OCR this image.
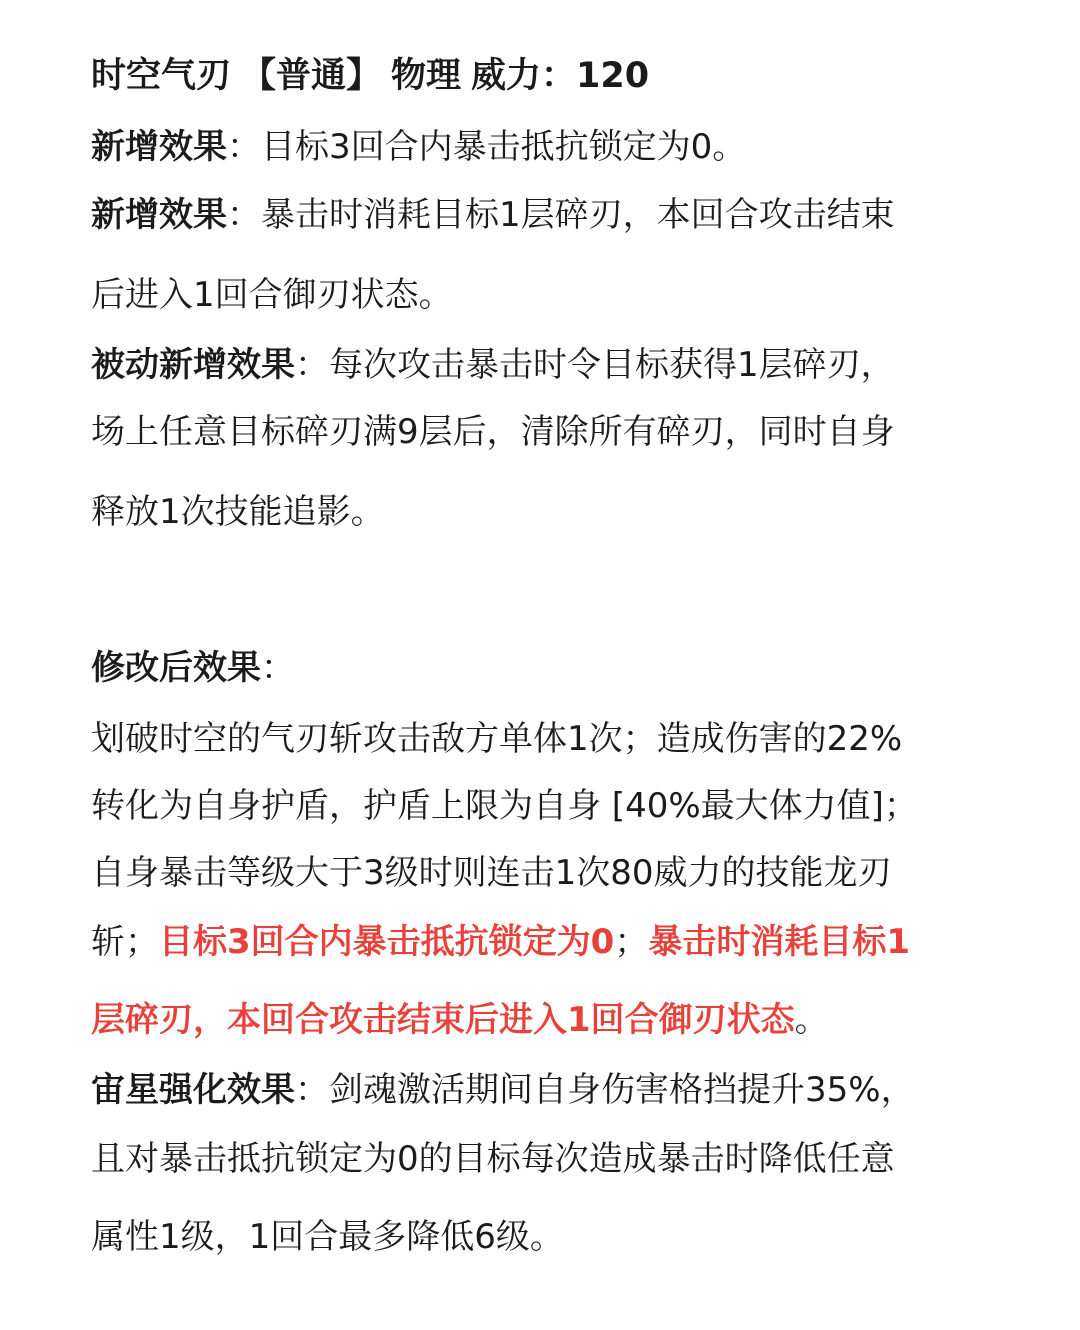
时空气刃 【普通】 物理 威力：120
新增效果：目标3回合内暴击抵抗锁定为0。
新增效果：暴击时消耗目标1层碎刃，本回合攻击结束
后进入1回合御刃状态。
被动新增效果：每次攻击暴击时令目标获得1层碎刃，
场上任意目标碎刃满9层后，清除所有碎刃，同时自身
释放1次技能追影。
修改后效果：
划破时空的气刃斩攻击敌方单体1次；造成伤害的22%
转化为自身护盾，护盾上限为自身 [40%最大体力值]；
自身暴击等级大于3级时则连击1次80威力的技能龙刃
斩；目标3回合内暴击抵抗锁定为0；暴击时消耗目标1
层碎刃，本回合攻击结束后进入1回合御刃状态。
宙星强化效果：剑魂激活期间自身伤害格挡提升35%，
且对暴击抵抗锁定为0的目标每次造成暴击时降低任意
属性1级，1回合最多降低6级。
